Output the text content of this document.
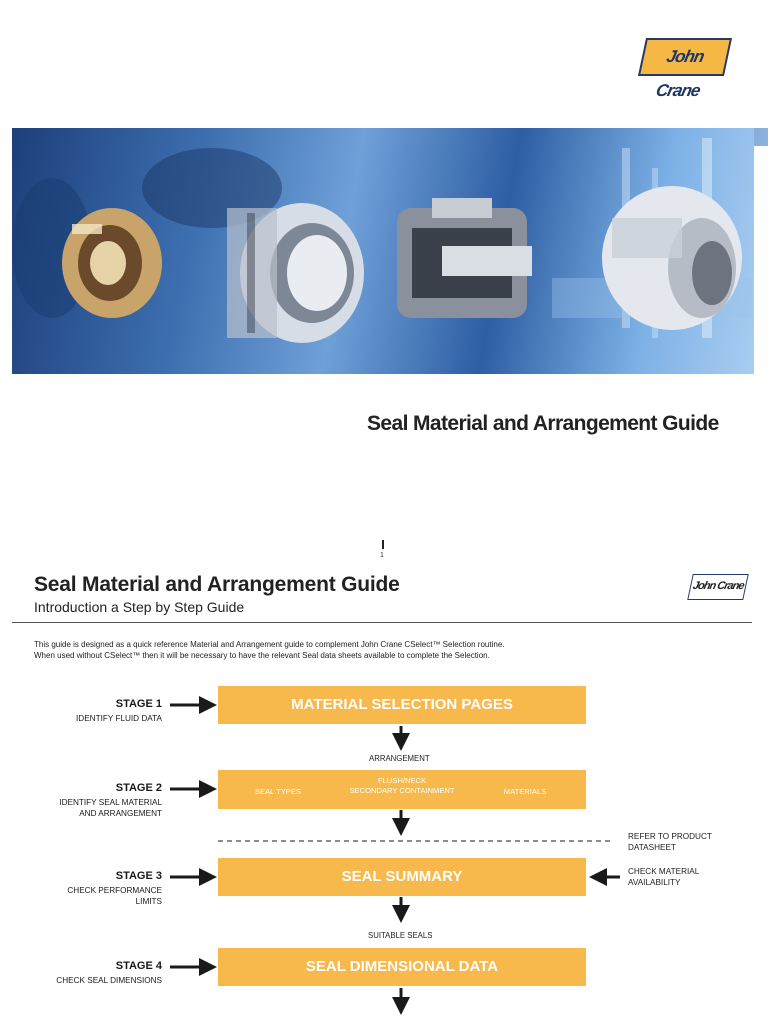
John Crane
Seal Material and Arrangement Guide
1
Seal Material and Arrangement Guide
Introduction a Step by Step Guide
John Crane
This guide is designed as a quick reference Material and Arrangement guide to complement John Crane CSelect™ Selection routine.
When used without CSelect™ then it will be necessary to have the relevant Seal data sheets available to complete the Selection.
STAGE 1
IDENTIFY FLUID DATA
MATERIAL SELECTION PAGES
ARRANGEMENT
STAGE 2
IDENTIFY SEAL MATERIAL
AND ARRANGEMENT
SEAL TYPES
FLUSH/NECK
SECONDARY CONTAINMENT	MATERIALS
REFER TO PRODUCT
DATASHEET
STAGE 3
CHECK PERFORMANCE
LIMITS
SEAL SUMMARY	CHECK MATERIAL
AVAILABILITY
SUITABLE SEALS
STAGE 4
CHECK SEAL DIMENSIONS
SEAL DIMENSIONAL DATA
